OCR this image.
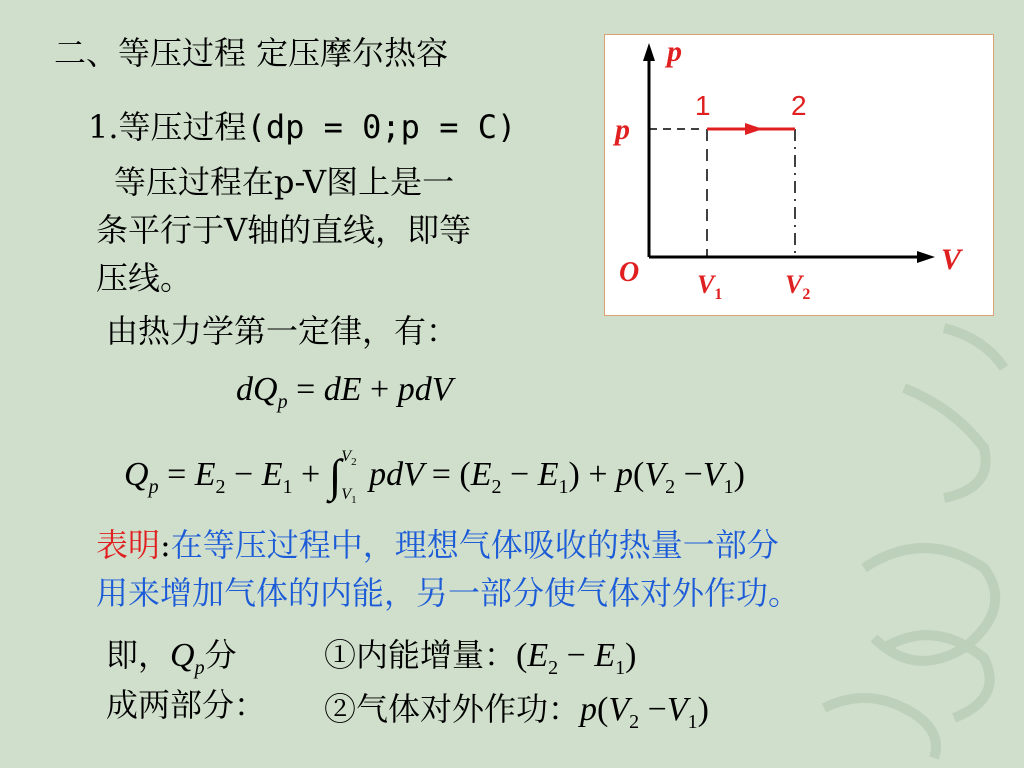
二、等压过程 定压摩尔热容
1.等压过程(dp = 0;p = C)
等压过程在p-V图上是一
条平行于V轴的直线，即等
压线。
由热力学第一定律，有：
$dQ_p$ = dE + pdV
$Q_p = E_2 - E_1 + \int V_2$

$V_1$ pdV = $(E_2 - E_1) + p(V_2 -V_1)$
表明:在等压过程中，理想气体吸收的热量一部分
用来增加气体的内能，另一部分使气体对外作功。
即，$Q_p$分
成两部分：
①内能增量：$(E_2 - E_1)$
②气体对外作功：$p(V_2 -V_1)$
p
V
O
p
1	2
$V_1$ $V_2$
